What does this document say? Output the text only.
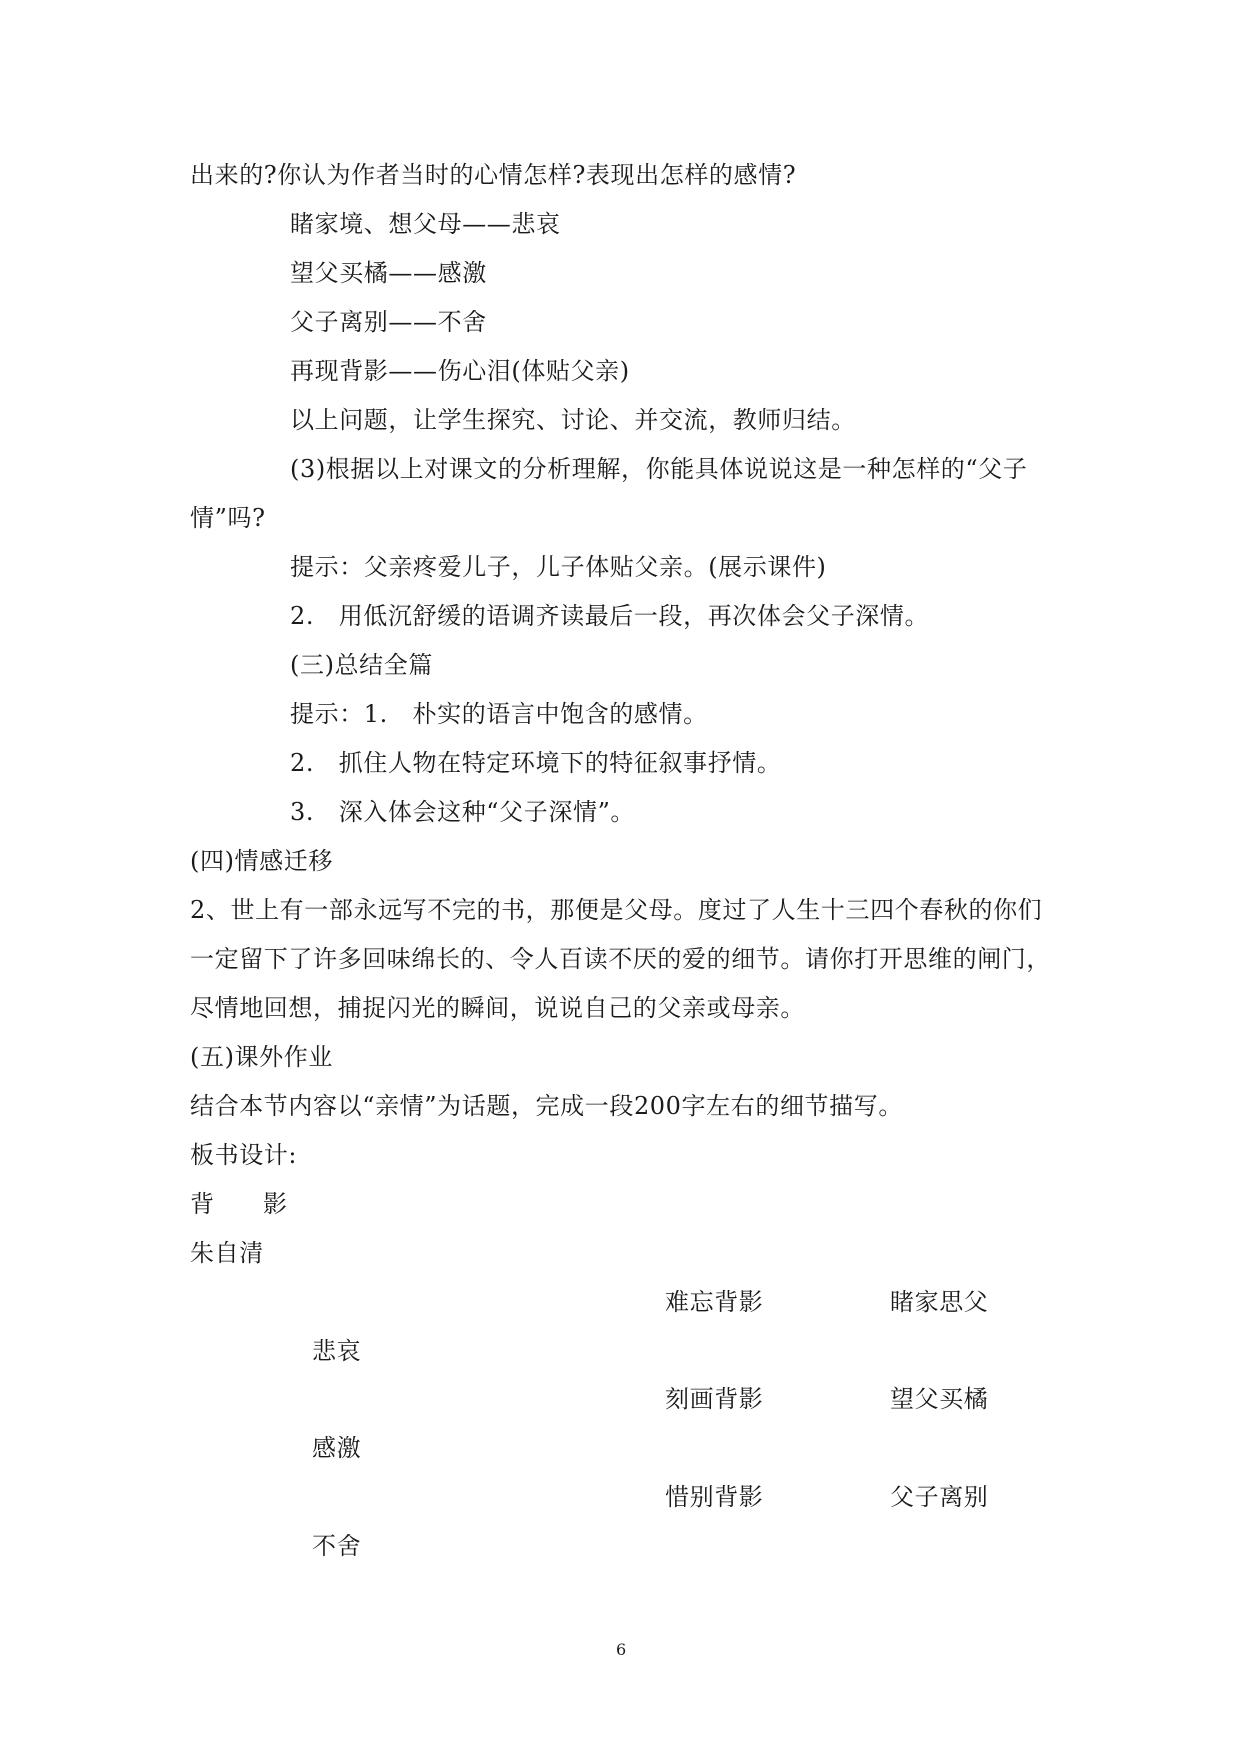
出来的?你认为作者当时的心情怎样?表现出怎样的感情?
睹家境、想父母——悲哀
望父买橘——感激
父子离别——不舍
再现背影——伤心泪(体贴父亲)
以上问题，让学生探究、讨论、并交流，教师归结。
(3)根据以上对课文的分析理解，你能具体说说这是一种怎样的“父子
情”吗?
提示：父亲疼爱儿子，儿子体贴父亲。(展示课件)
2.　用低沉舒缓的语调齐读最后一段，再次体会父子深情。
(三)总结全篇
提示：1.　朴实的语言中饱含的感情。
2.　抓住人物在特定环境下的特征叙事抒情。
3.　深入体会这种“父子深情”。
(四)情感迁移
2、世上有一部永远写不完的书，那便是父母。度过了人生十三四个春秋的你们
一定留下了许多回味绵长的、令人百读不厌的爱的细节。请你打开思维的闸门，
尽情地回想，捕捉闪光的瞬间，说说自己的父亲或母亲。
(五)课外作业
结合本节内容以“亲情”为话题，完成一段200字左右的细节描写。
板书设计:
背 影
朱自清
难忘背影	睹家思父
悲哀
刻画背影	望父买橘
感激
惜别背影	父子离别
不舍
6
